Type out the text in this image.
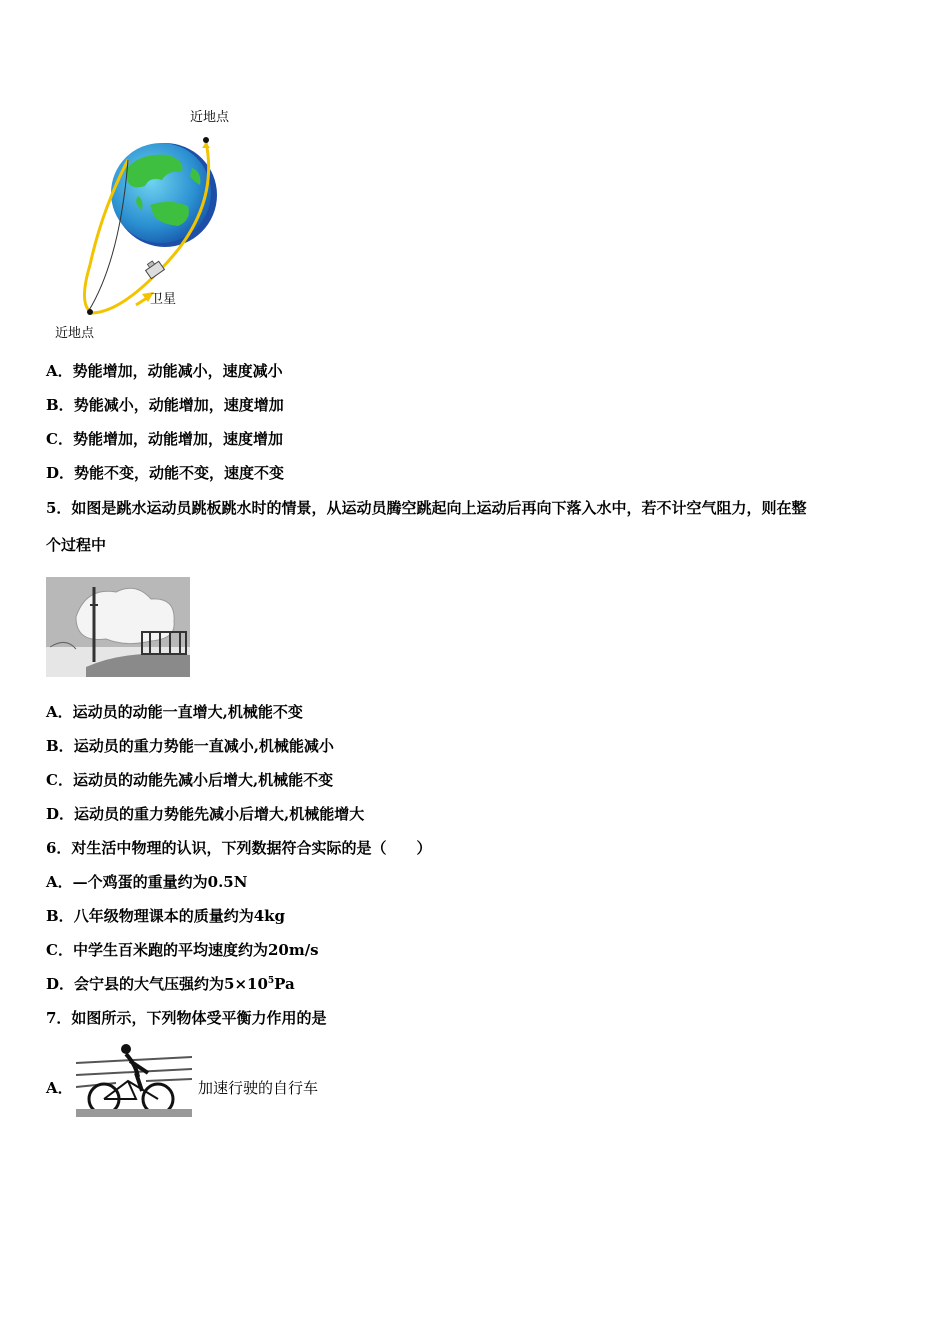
近地点
卫星
近地点
A．势能增加，动能减小，速度减小
B．势能减小，动能增加，速度增加
C．势能增加，动能增加，速度增加
D．势能不变，动能不变，速度不变
5．如图是跳水运动员跳板跳水时的情景，从运动员腾空跳起向上运动后再向下落入水中，若不计空气阻力，则在整
个过程中
A．运动员的动能一直增大,机械能不变
B．运动员的重力势能一直减小,机械能减小
C．运动员的动能先减小后增大,机械能不变
D．运动员的重力势能先减小后增大,机械能增大
6．对生活中物理的认识，下列数据符合实际的是（　　）
A．—个鸡蛋的重量约为0.5N
B．八年级物理课本的质量约为4kg
C．中学生百米跑的平均速度约为20m/s
D．会宁县的大气压强约为$5\times 10^5Pa$
7．如图所示，下列物体受平衡力作用的是
A．	加速行驶的自行车
